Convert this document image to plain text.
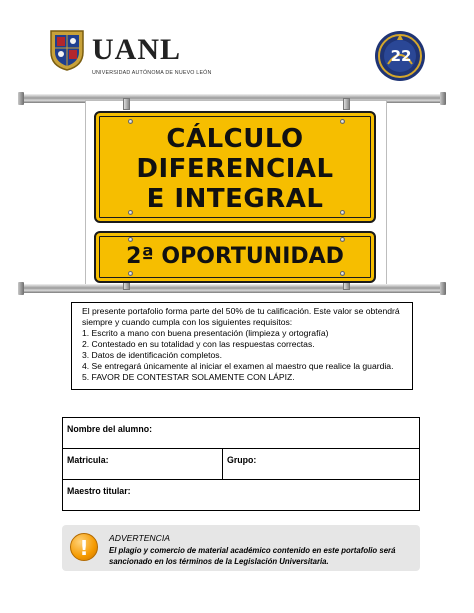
UANL
UNIVERSIDAD AUTÓNOMA DE NUEVO LEÓN
22
CÁLCULO
DIFERENCIAL
E INTEGRAL
2ª OPORTUNIDAD
El presente portafolio forma parte del 50% de tu calificación. Este valor se obtendrá
siempre y cuando cumpla con los siguientes requisitos:
1. Escrito a mano con buena presentación (limpieza y ortografía)
2. Contestado en su totalidad y con las respuestas correctas.
3. Datos de identificación completos.
4. Se entregará únicamente al iniciar el examen al maestro que realice la guardia.
5. FAVOR DE CONTESTAR SOLAMENTE CON LÁPIZ.
Nombre del alumno:
Matricula:	Grupo:
Maestro titular:
!	ADVERTENCIA
El plagio y comercio de material académico contenido en este portafolio será
sancionado en los términos de la Legislación Universitaria.
